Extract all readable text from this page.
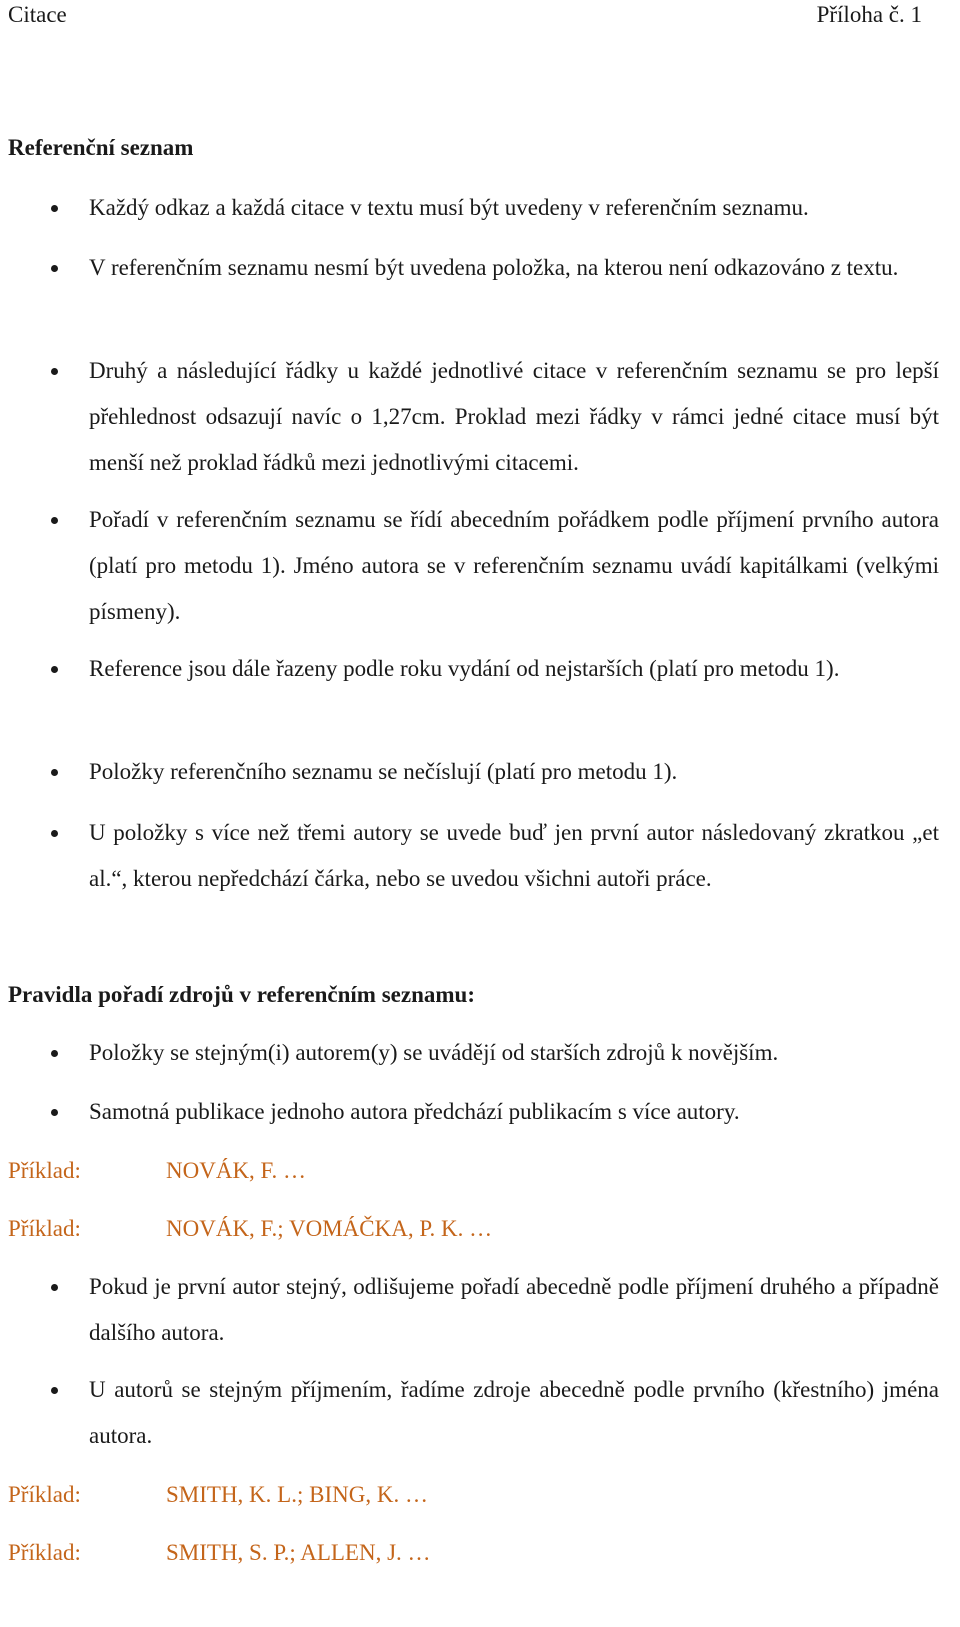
Citace	Příloha č. 1
Referenční seznam
Každý odkaz a každá citace v textu musí být uvedeny v referenčním seznamu.
V referenčním seznamu nesmí být uvedena položka, na kterou není odkazováno z textu.
Druhý a následující řádky u každé jednotlivé citace v referenčním seznamu se pro lepší přehlednost odsazují navíc o 1,27cm. Proklad mezi řádky v rámci jedné citace musí být menší než proklad řádků mezi jednotlivými citacemi.
Pořadí v referenčním seznamu se řídí abecedním pořádkem podle příjmení prvního autora (platí pro metodu 1). Jméno autora se v referenčním seznamu uvádí kapitálkami (velkými písmeny).
Reference jsou dále řazeny podle roku vydání od nejstarších (platí pro metodu 1).
Položky referenčního seznamu se nečíslují (platí pro metodu 1).
U položky s více než třemi autory se uvede buď jen první autor následovaný zkratkou „et al.“, kterou nepředchází čárka, nebo se uvedou všichni autoři práce.
Pravidla pořadí zdrojů v referenčním seznamu:
Položky se stejným(i) autorem(y) se uvádějí od starších zdrojů k novějším.
Samotná publikace jednoho autora předchází publikacím s více autory.
Příklad:	NOVÁK, F. …
Příklad:	NOVÁK, F.; VOMÁČKA, P. K. …
Pokud je první autor stejný, odlišujeme pořadí abecedně podle příjmení druhého a případně dalšího autora.
U autorů se stejným příjmením, řadíme zdroje abecedně podle prvního (křestního) jména autora.
Příklad:	SMITH, K. L.; BING, K. …
Příklad:	SMITH, S. P.; ALLEN, J. …
